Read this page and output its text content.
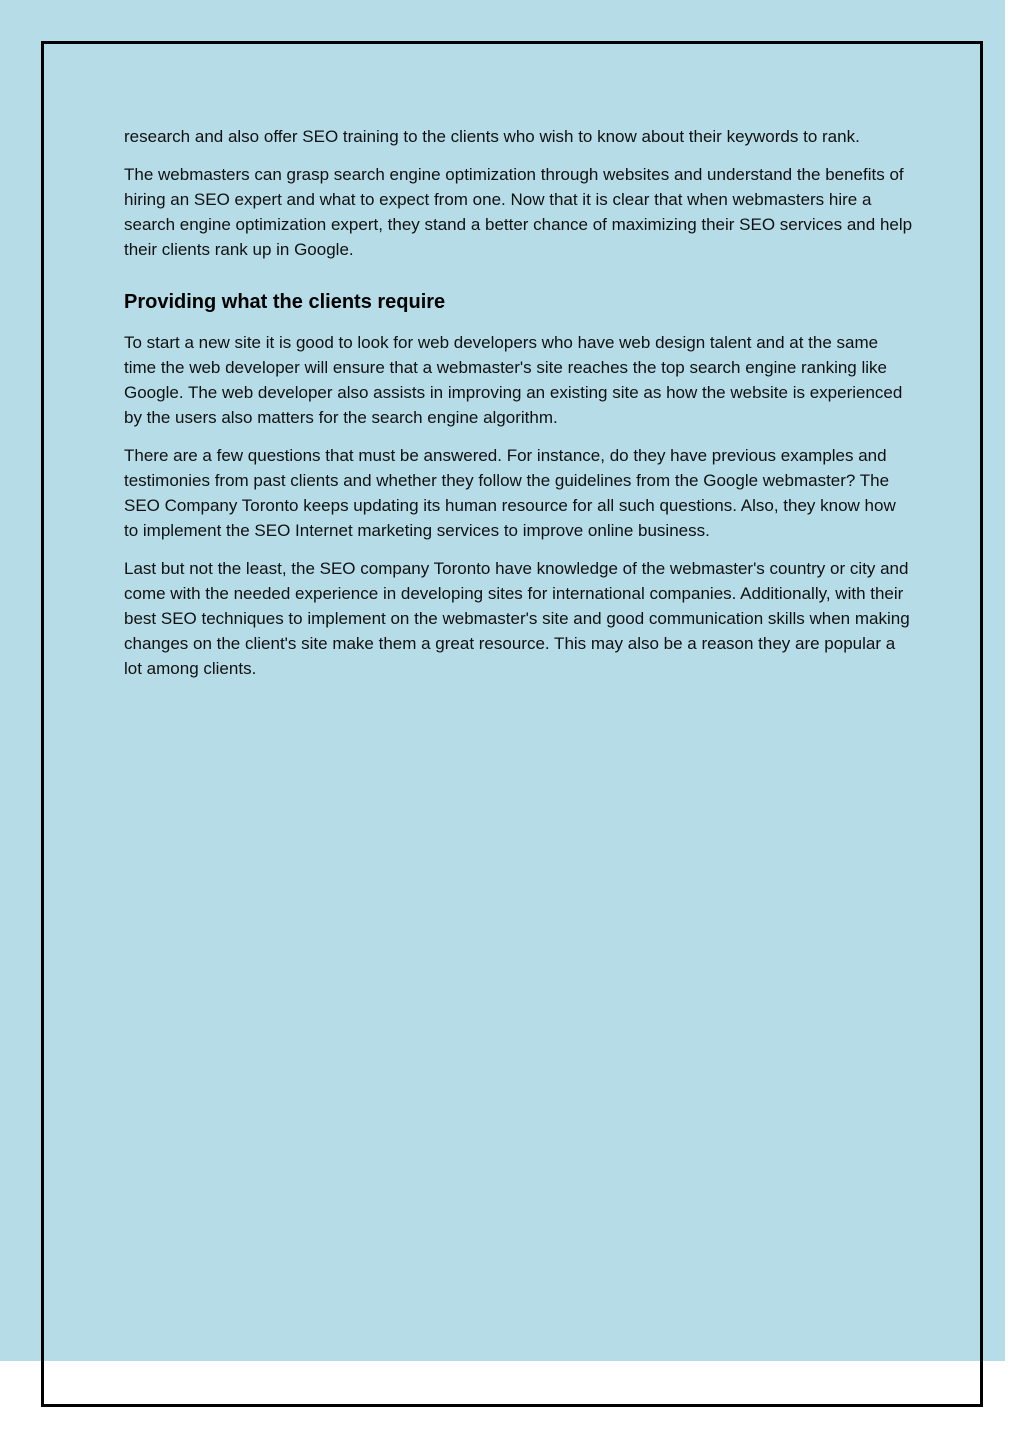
research and also offer SEO training to the clients who wish to know about their keywords to rank.

The webmasters can grasp search engine optimization through websites and understand the benefits of hiring an SEO expert and what to expect from one. Now that it is clear that when webmasters hire a search engine optimization expert, they stand a better chance of maximizing their SEO services and help their clients rank up in Google.

Providing what the clients require

To start a new site it is good to look for web developers who have web design talent and at the same time the web developer will ensure that a webmaster's site reaches the top search engine ranking like Google. The web developer also assists in improving an existing site as how the website is experienced by the users also matters for the search engine algorithm.

There are a few questions that must be answered. For instance, do they have previous examples and testimonies from past clients and whether they follow the guidelines from the Google webmaster? The SEO Company Toronto keeps updating its human resource for all such questions. Also, they know how to implement the SEO Internet marketing services to improve online business.

Last but not the least, the SEO company Toronto have knowledge of the webmaster's country or city and come with the needed experience in developing sites for international companies. Additionally, with their best SEO techniques to implement on the webmaster's site and good communication skills when making changes on the client's site make them a great resource. This may also be a reason they are popular a lot among clients.
